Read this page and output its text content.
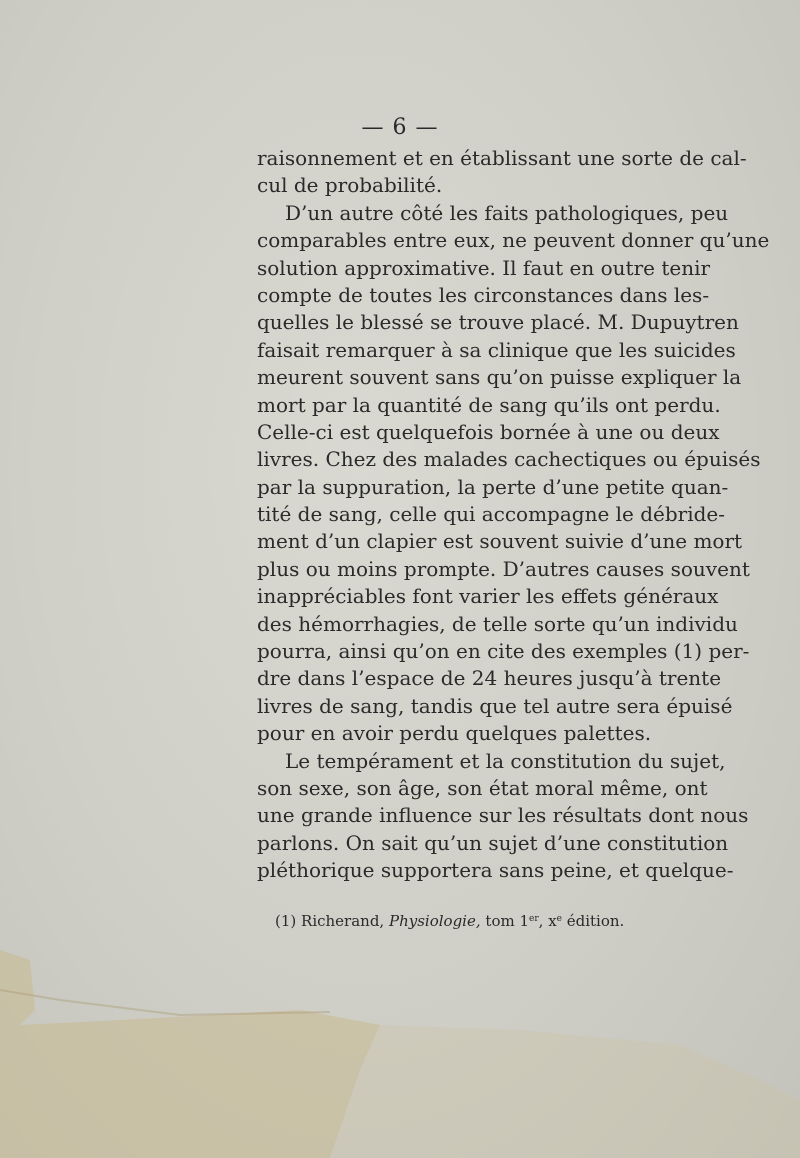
— 6 —
raisonnement et en établissant une sorte de cal-
cul de probabilité.
D’un autre côté les faits pathologiques, peu
comparables entre eux, ne peuvent donner qu’une
solution approximative. Il faut en outre tenir
compte de toutes les circonstances dans les-
quelles le blessé se trouve placé. M. Dupuytren
faisait remarquer à sa clinique que les suicides
meurent souvent sans qu’on puisse expliquer la
mort par la quantité de sang qu’ils ont perdu.
Celle-ci est quelquefois bornée à une ou deux
livres. Chez des malades cachectiques ou épuisés
par la suppuration, la perte d’une petite quan-
tité de sang, celle qui accompagne le débride-
ment d’un clapier est souvent suivie d’une mort
plus ou moins prompte. D’autres causes souvent
inappréciables font varier les effets généraux
des hémorrhagies, de telle sorte qu’un individu
pourra, ainsi qu’on en cite des exemples (1) per-
dre dans l’espace de 24 heures jusqu’à trente
livres de sang, tandis que tel autre sera épuisé
pour en avoir perdu quelques palettes.
Le tempérament et la constitution du sujet,
son sexe, son âge, son état moral même, ont
une grande influence sur les résultats dont nous
parlons. On sait qu’un sujet d’une constitution
pléthorique supportera sans peine, et quelque-
(1) Richerand, Physiologie, tom 1er, $x^e$ édition.
